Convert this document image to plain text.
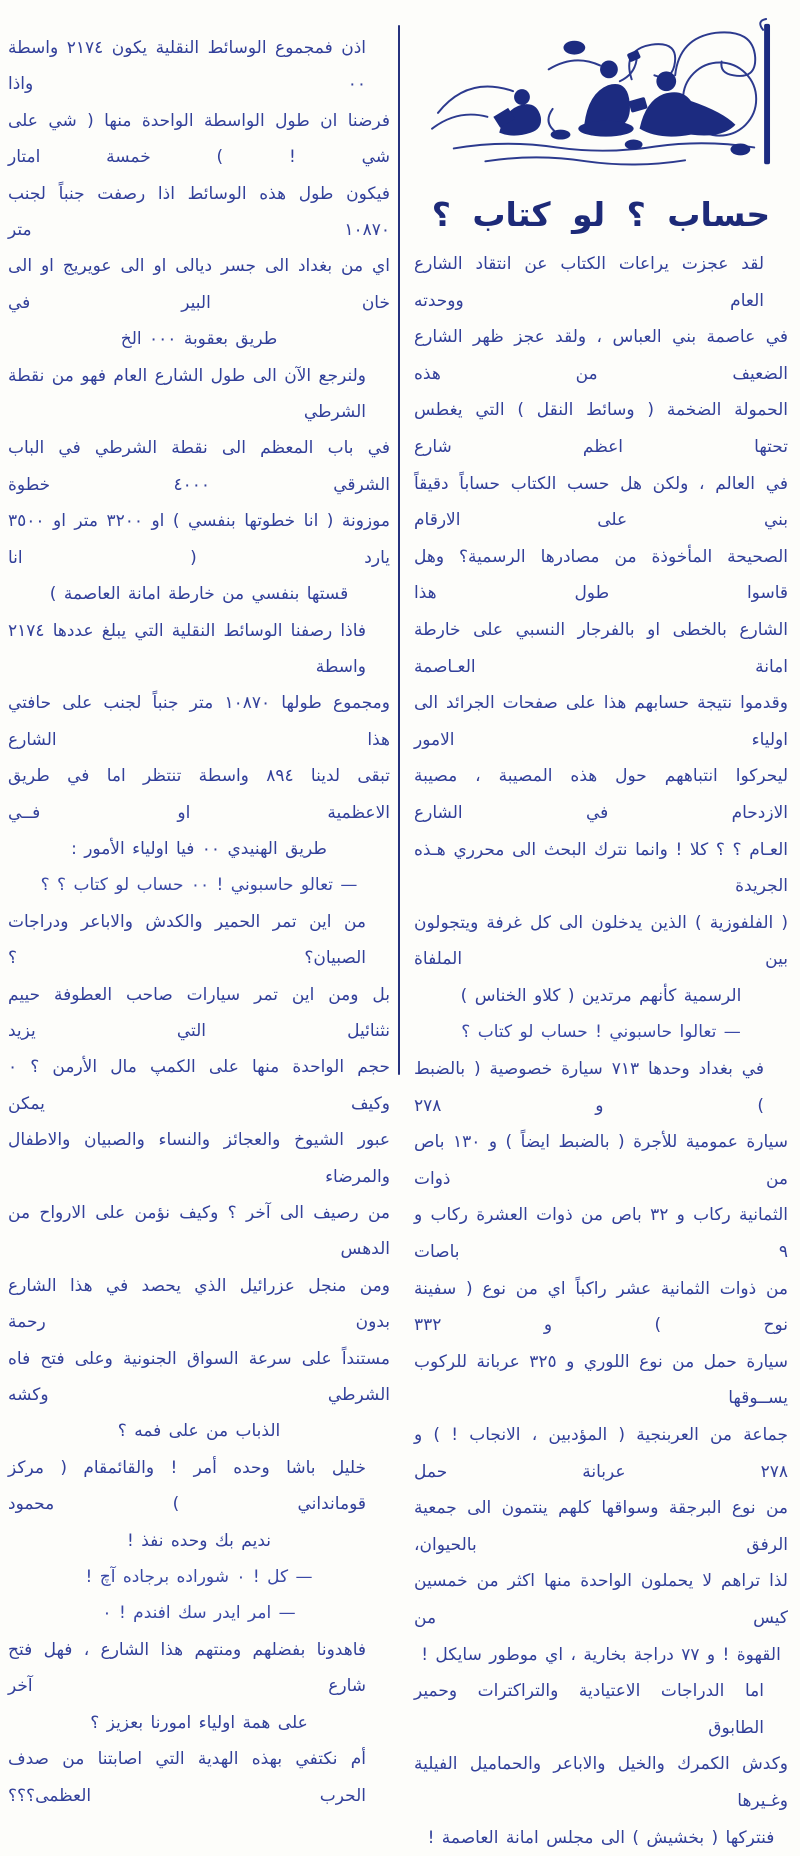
حساب ؟ لو كتاب ؟
لقد عجزت يراعات الكتاب عن انتقاد الشارع العام ووحدته
في عاصمة بني العباس ، ولقد عجز ظهر الشارع الضعيف من هذه
الحمولة الضخمة ( وسائط النقل ) التي يغطس تحتها اعظم شارع
في العالم ، ولكن هل حسب الكتاب حساباً دقيقاً بني على الارقام
الصحيحة المأخوذة من مصادرها الرسمية؟ وهل قاسوا طول هذا
الشارع بالخطى او بالفرجار النسبي على خارطة امانة العـاصمة
وقدموا نتيجة حسابهم هذا على صفحات الجرائد الى اولياء الامور
ليحركوا انتباههم حول هذه المصيبة ، مصيبة الازدحام في الشارع
العـام ؟ ؟ كلا ! وانما نترك البحث الى محرري هـذه الجريدة
( الفلفوزية ) الذين يدخلون الى كل غرفة ويتجولون بين الملفاة
الرسمية كأنهم مرتدين ( كلاو الخناس )
— تعالوا حاسبوني ! حساب لو كتاب ؟
في بغداد وحدها ٧١٣ سيارة خصوصية ( بالضبط ) و ٢٧٨
سيارة عمومية للأجرة ( بالضبط ايضاً ) و ١٣٠ باص من ذوات
الثمانية ركاب و ٣٢ باص من ذوات العشرة ركاب و ٩ باصات
من ذوات الثمانية عشر راكباً اي من نوع ( سفينة نوح ) و ٣٣٢
سيارة حمل من نوع اللوري و ٣٢٥ عربانة للركوب يســوقها
جماعة من العربنجية ( المؤدبين ، الانجاب ! ) و ٢٧٨ عربانة حمل
من نوع البرجقة وسواقها كلهم ينتمون الى جمعية الرفق بالحيوان،
لذا تراهم لا يحملون الواحدة منها اكثر من خمسين كيس من
القهوة ! و ٧٧ دراجة بخارية ، اي موطور سايكل !
اما الدراجات الاعتيادية والتراكترات وحمير الطابوق
وكدش الكمرك والخيل والاباعر والحماميل الفيلية وغـيرها
فنتركها ( بخشيش ) الى مجلس امانة العاصمة !
اذن فمجموع الوسائط النقلية يكون ٢١٧٤ واسطة ٠٠ واذا
فرضنا ان طول الواسطة الواحدة منها ( شي على شي ! ) خمسة امتار
فيكون طول هذه الوسائط اذا رصفت جنباً لجنب ١٠٨٧٠ متر
اي من بغداد الى جسر ديالى او الى عويريج او الى خان البير في
طريق بعقوبة ٠٠٠ الخ
ولنرجع الآن الى طول الشارع العام فهو من نقطة الشرطي
في باب المعظم الى نقطة الشرطي في الباب الشرقي ٤٠٠٠ خطوة
موزونة ( انا خطوتها بنفسي ) او ٣٢٠٠ متر او ٣٥٠٠ يارد ( انا
قستها بنفسي من خارطة امانة العاصمة )
فاذا رصفنا الوسائط النقلية التي يبلغ عددها ٢١٧٤ واسطة
ومجموع طولها ١٠٨٧٠ متر جنباً لجنب على حافتي هذا الشارع
تبقى لدينا ٨٩٤ واسطة تنتظر اما في طريق الاعظمية او فــي
طريق الهنيدي ٠٠ فيا اولياء الأمور :
— تعالو حاسبوني ! ٠٠ حساب لو كتاب ؟ ؟
من اين تمر الحمير والكدش والاباعر ودراجات الصبيان؟ ؟
بل ومن اين تمر سيارات صاحب العطوفة حييم نثنائيل التي يزيد
حجم الواحدة منها على الكمپ مال الأرمن ؟ ٠ وكيف يمكن
عبور الشيوخ والعجائز والنساء والصبيان والاطفال والمرضاء
من رصيف الى آخر ؟ وكيف نؤمن على الارواح من الدهس
ومن منجل عزرائيل الذي يحصد في هذا الشارع بدون رحمة
مستنداً على سرعة السواق الجنونية وعلى فتح فاه الشرطي وكشه
الذباب من على فمه ؟
خليل باشا وحده أمر ! والقائمقام ( مركز قومانداني ) محمود
نديم بك وحده نفذ !
— كل ! ٠ شوراده برجاده آچ !
— امر ايدر سك افندم ! ٠
فاهدونا بفضلهم ومنتهم هذا الشارع ، فهل فتح شارع آخر
على همة اولياء امورنا بعزيز ؟
أم نكتفي بهذه الهدية التي اصابتنا من صدف الحرب العظمى؟؟؟
